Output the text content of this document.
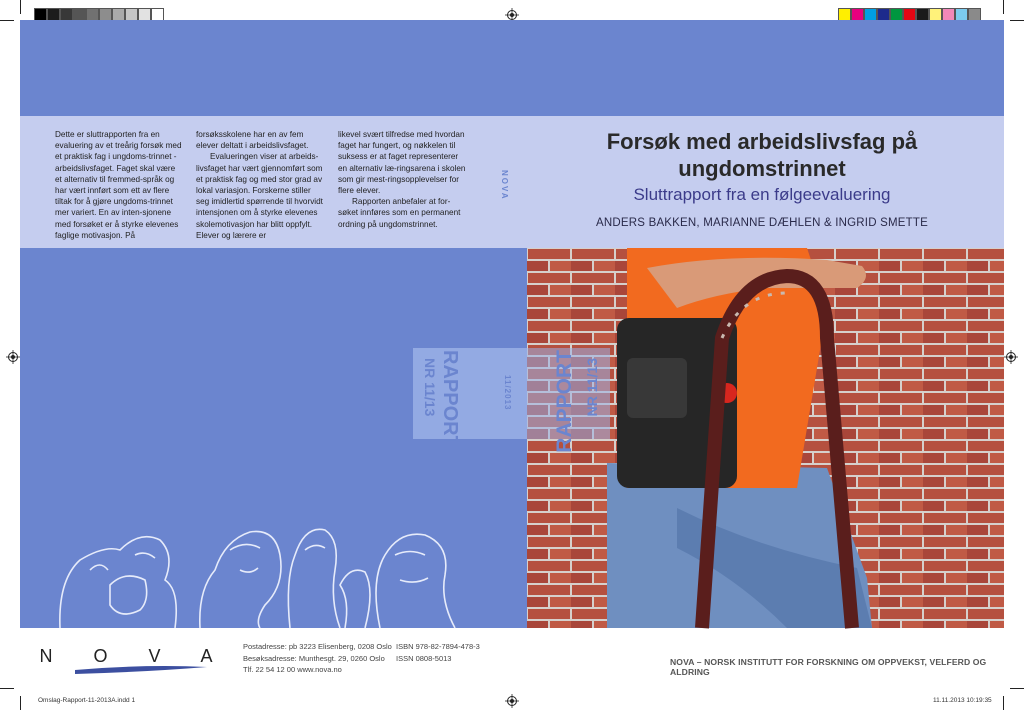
Dette er sluttrapporten fra en evaluering av et treårig forsøk med et praktisk fag i ungdoms-trinnet - arbeidslivsfaget. Faget skal være et alternativ til fremmed-språk og har vært innført som ett av flere tiltak for å gjøre ungdoms-trinnet mer variert. En av inten-sjonene med forsøket er å styrke elevenes faglige motivasjon. På

forsøksskolene har en av fem elever deltatt i arbeidslivsfaget.

Evalueringen viser at arbeids-livsfaget har vært gjennomført som et praktisk fag og med stor grad av lokal variasjon. Forskerne stiller seg imidlertid spørrende til hvorvidt intensjonen om å styrke elevenes skolemotivasjon har blitt oppfylt. Elever og lærere er

likevel svært tilfredse med hvordan faget har fungert, og nøkkelen til suksess er at faget representerer en alternativ læ-ringsarena i skolen som gir mest-ringsopplevelser for flere elever.

Rapporten anbefaler at for-søket innføres som en permanent ordning på ungdomstrinnet.

NOVA
Forsøk med arbeidslivsfag på ungdomstrinnet
Sluttrapport fra en følgeevaluering
ANDERS BAKKEN, MARIANNE DÆHLEN & INGRID SMETTE
RAPPORT
NR 11/13	11/2013 RAPPORT NR 11/13
N O V A Postadresse: pb 3223 Elisenberg, 0208 Oslo
Besøksadresse: Munthesgt. 29, 0260 Oslo
Tlf. 22 54 12 00 www.nova.no
ISBN 978-82-7894-478-3
ISSN 0808-5013	NOVA – NORSK INSTITUTT FOR FORSKNING OM OPPVEKST, VELFERD OG ALDRING
Omslag-Rapport-11-2013A.indd 1	11.11.2013 10:19:35
